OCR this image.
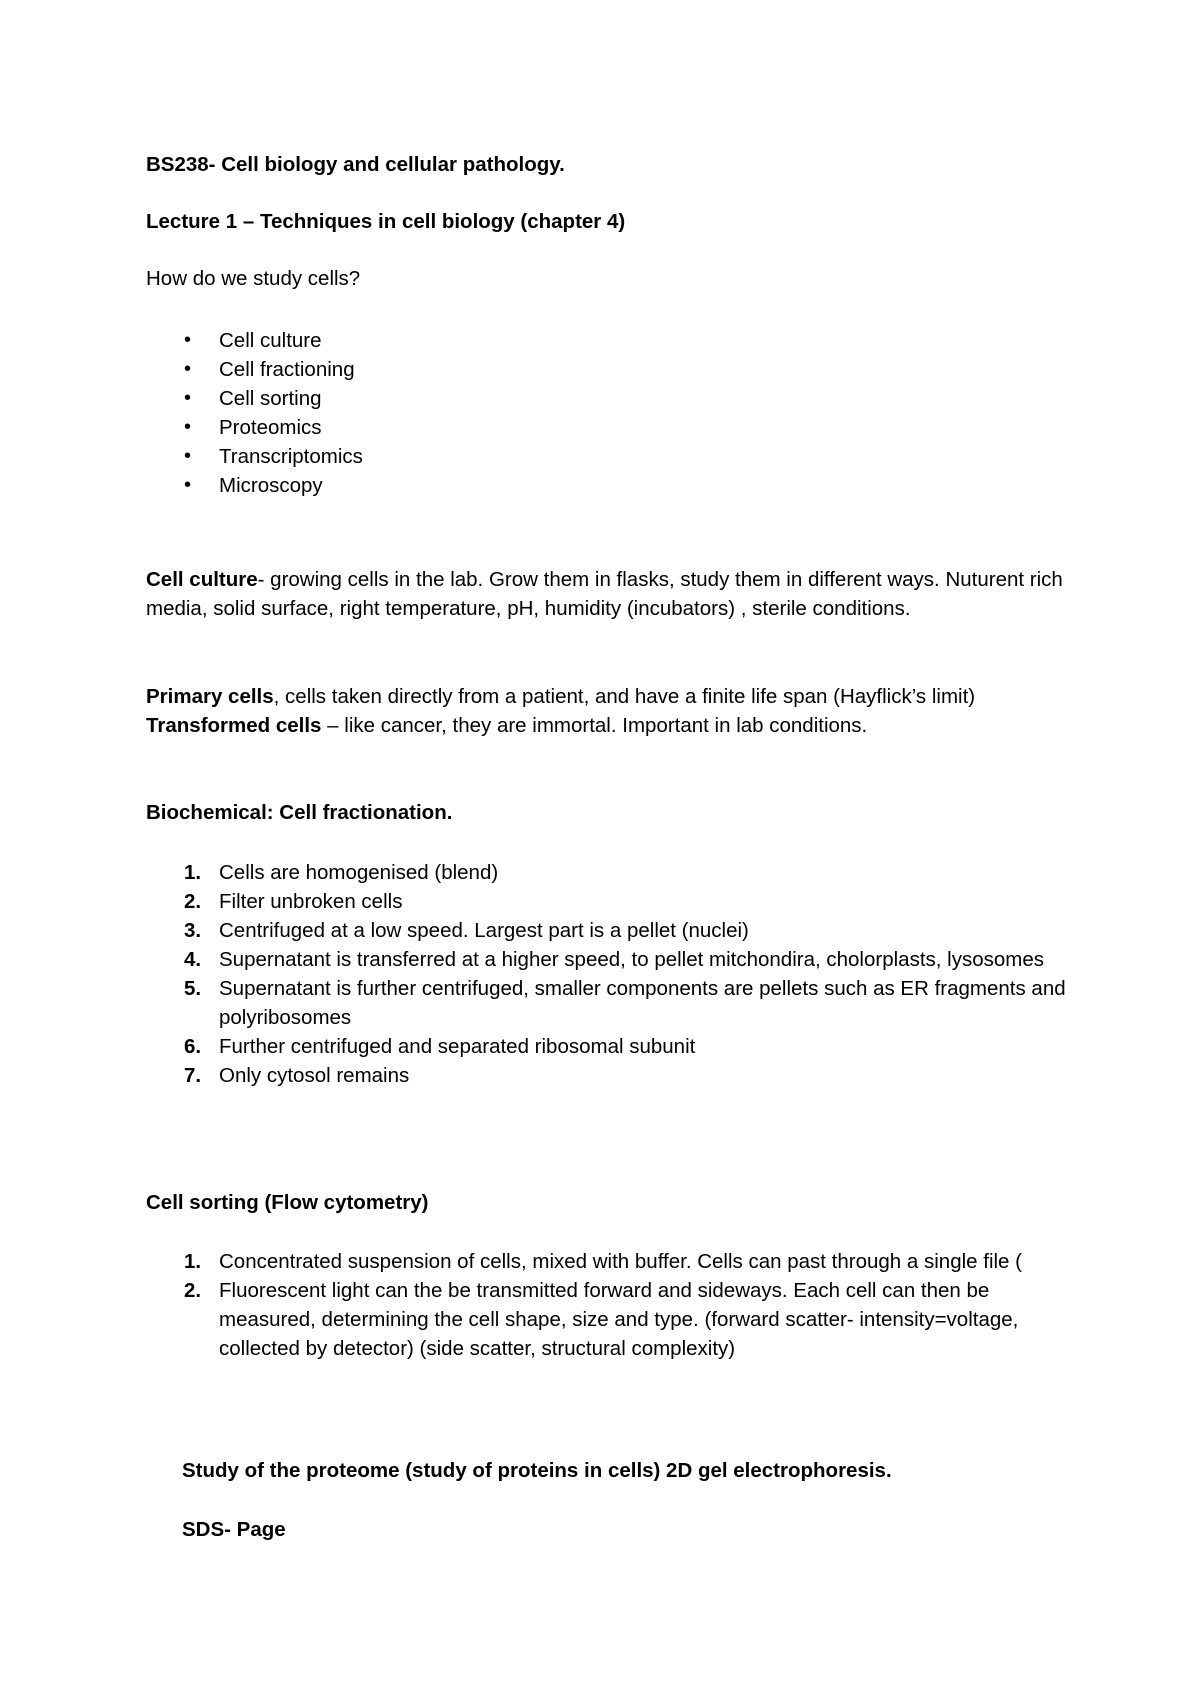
BS238- Cell biology and cellular pathology.

Lecture 1 – Techniques in cell biology (chapter 4)

How do we study cells?

• Cell culture
• Cell fractioning
• Cell sorting
• Proteomics
• Transcriptomics
• Microscopy

Cell culture- growing cells in the lab. Grow them in flasks, study them in different ways. Nuturent rich media, solid surface, right temperature, pH, humidity (incubators) , sterile conditions.

Primary cells, cells taken directly from a patient, and have a finite life span (Hayflick’s limit)
Transformed cells – like cancer, they are immortal. Important in lab conditions.

Biochemical: Cell fractionation.

1. Cells are homogenised (blend)
2. Filter unbroken cells
3. Centrifuged at a low speed. Largest part is a pellet (nuclei)
4. Supernatant is transferred at a higher speed, to pellet mitchondira, cholorplasts, lysosomes
5. Supernatant is further centrifuged, smaller components are pellets such as ER fragments and polyribosomes
6. Further centrifuged and separated ribosomal subunit
7. Only cytosol remains

Cell sorting (Flow cytometry)

1. Concentrated suspension of cells, mixed with buffer. Cells can past through a single file (
2. Fluorescent light can the be transmitted forward and sideways. Each cell can then be measured, determining the cell shape, size and type. (forward scatter- intensity=voltage, collected by detector) (side scatter, structural complexity)

Study of the proteome (study of proteins in cells) 2D gel electrophoresis.

SDS- Page
